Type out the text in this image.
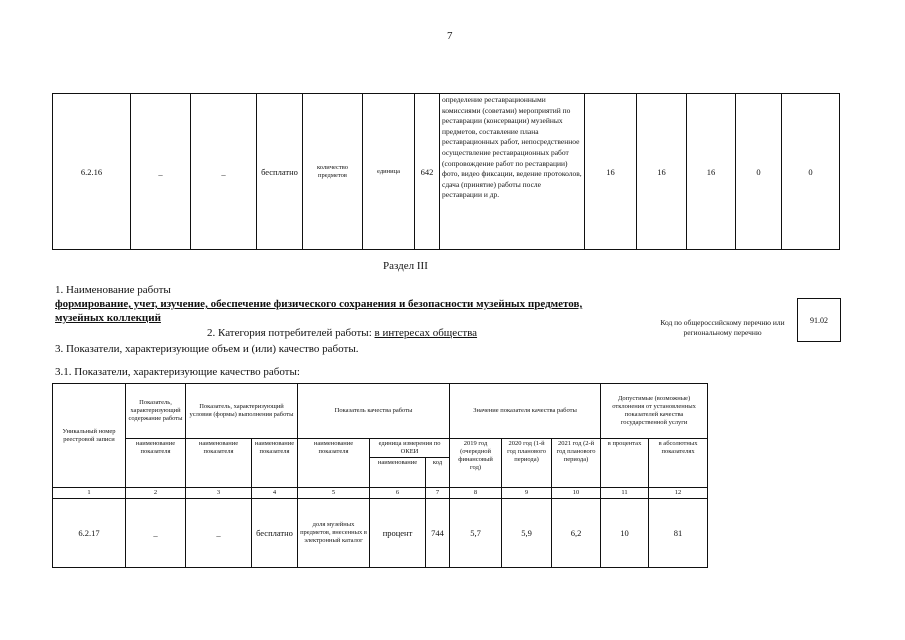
7
6.2.16	_	_	бесплатно	количество предметов	единица	642	определение реставрационными комиссиями (советами) мероприятий по реставрации (консервации) музейных предметов, составление плана реставрационных работ, непосредственное осуществление реставрационных работ (сопровождение работ по реставрации) фото, видео фиксации, ведение протоколов, сдача (принятие) работы после реставрации и др.	16	16	16	0	0
Раздел III
1. Наименование работы
формирование, учет, изучение, обеспечение физического сохранения и безопасности музейных предметов,
музейных коллекций
2. Категория потребителей работы: в интересах общества
3. Показатели, характеризующие объем и (или) качество работы.
3.1. Показатели, характеризующие качество работы:
Код по общероссийскому перечню или региональному перечню
91.02
Уникальный номер реестровой записи	Показатель, характеризующий содержание работы	Показатель, характеризующий условия (формы) выполнения работы		Показатель качества работы			Значение показателя качества работы			Допустимые (возможные) отклонения от установленных показателей качества государственной услуги	
	наименование показателя	наименование показателя	наименование показателя	наименование показателя	единица измерения по ОКЕИ		2019 год (очередной финансовый год)	2020 год (1-й год планового периода)	2021 год (2-й год планового периода)	в процентах	в абсолютных показателях
					наименование	код					
1	2	3	4	5	6	7	8	9	10	11	12
6.2.17	_	_	бесплатно	доля музейных предметов, внесенных в электронный каталог	процент	744	5,7	5,9	6,2	10	81
